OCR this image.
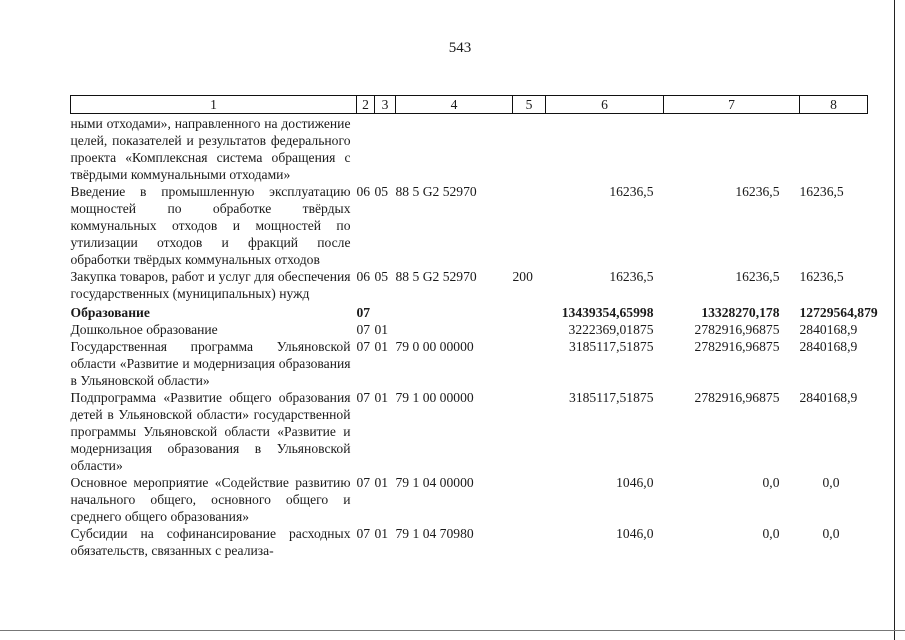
543
1	2	3	4	5	6	7	8
ными отходами», направленного на достижение целей, показателей и результатов федерального проекта «Комплексная система обращения с твёрдыми коммунальными отходами»							
Введение в промышленную эксплуатацию мощностей по обработке твёрдых коммунальных отходов и мощностей по утилизации отходов и фракций после обработки твёрдых коммунальных отходов	06	05	88 5 G2 52970		16236,5	16236,5	16236,5
Закупка товаров, работ и услуг для обеспечения государственных (муниципальных) нужд	06	05	88 5 G2 52970	200	16236,5	16236,5	16236,5
Образование	07				13439354,65998	13328270,178	12729564,879
Дошкольное образование	07	01			3222369,01875	2782916,96875	2840168,9
Государственная программа Ульяновской области «Развитие и модернизация образования в Ульяновской области»	07	01	79 0 00 00000		3185117,51875	2782916,96875	2840168,9
Подпрограмма «Развитие общего образования детей в Ульяновской области» государственной программы Ульяновской области «Развитие и модернизация образования в Ульяновской области»	07	01	79 1 00 00000		3185117,51875	2782916,96875	2840168,9
Основное мероприятие «Содействие развитию начального общего, основного общего и среднего общего образования»	07	01	79 1 04 00000		1046,0	0,0	0,0
Субсидии на софинансирование расходных обязательств, связанных с реализа-	07	01	79 1 04 70980		1046,0	0,0	0,0
